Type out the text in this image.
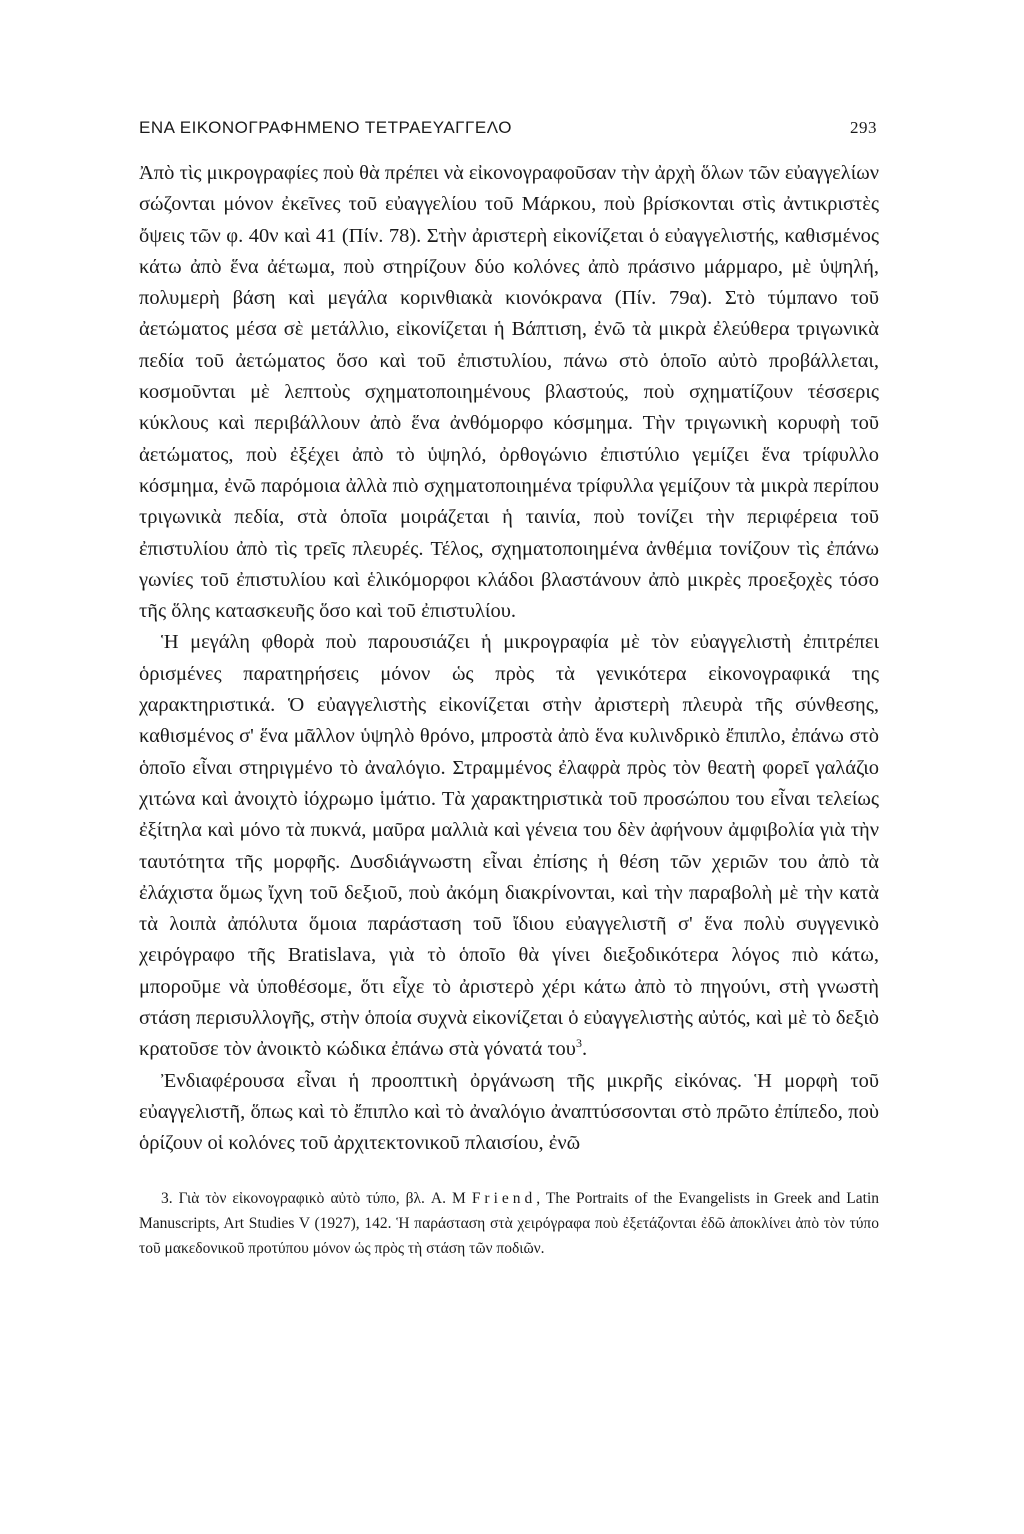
ΕΝΑ ΕΙΚΟΝΟΓΡΑΦΗΜΕΝΟ ΤΕΤΡΑΕΥΑΓΓΕΛΟ	293

Ἀπὸ τὶς μικρογραφίες ποὺ θὰ πρέπει νὰ εἰκονογραφοῦσαν τὴν ἀρχὴ ὅλων τῶν εὐαγγελίων σώζονται μόνον ἐκεῖνες τοῦ εὐαγγελίου τοῦ Μάρκου, ποὺ βρίσκονται στὶς ἀντικριστὲς ὄψεις τῶν φ. 40ν καὶ 41 (Πίν. 78). Στὴν ἀριστερὴ εἰκονίζεται ὁ εὐαγγελιστής, καθισμένος κάτω ἀπὸ ἕνα ἀέτωμα, ποὺ στηρίζουν δύο κολόνες ἀπὸ πράσινο μάρμαρο, μὲ ὑψηλή, πολυμερὴ βάση καὶ μεγάλα κορινθιακὰ κιονόκρανα (Πίν. 79α). Στὸ τύμπανο τοῦ ἀετώματος μέσα σὲ μετάλλιο, εἰκονίζεται ἡ Βάπτιση, ἐνῶ τὰ μικρὰ ἐλεύθερα τριγωνικὰ πεδία τοῦ ἀετώματος ὅσο καὶ τοῦ ἐπιστυλίου, πάνω στὸ ὁποῖο αὐτὸ προβάλλεται, κοσμοῦνται μὲ λεπτοὺς σχηματοποιημένους βλαστούς, ποὺ σχηματίζουν τέσσερις κύκλους καὶ περιβάλλουν ἀπὸ ἕνα ἀνθόμορφο κόσμημα. Τὴν τριγωνικὴ κορυφὴ τοῦ ἀετώματος, ποὺ ἐξέχει ἀπὸ τὸ ὑψηλό, ὀρθογώνιο ἐπιστύλιο γεμίζει ἕνα τρίφυλλο κόσμημα, ἐνῶ παρόμοια ἀλλὰ πιὸ σχηματοποιημένα τρίφυλλα γεμίζουν τὰ μικρὰ περίπου τριγωνικὰ πεδία, στὰ ὁποῖα μοιράζεται ἡ ταινία, ποὺ τονίζει τὴν περιφέρεια τοῦ ἐπιστυλίου ἀπὸ τὶς τρεῖς πλευρές. Τέλος, σχηματοποιημένα ἀνθέμια τονίζουν τὶς ἐπάνω γωνίες τοῦ ἐπιστυλίου καὶ ἑλικόμορφοι κλάδοι βλαστάνουν ἀπὸ μικρὲς προεξοχὲς τόσο τῆς ὅλης κατασκευῆς ὅσο καὶ τοῦ ἐπιστυλίου.

Ἡ μεγάλη φθορὰ ποὺ παρουσιάζει ἡ μικρογραφία μὲ τὸν εὐαγγελιστὴ ἐπιτρέπει ὁρισμένες παρατηρήσεις μόνον ὡς πρὸς τὰ γενικότερα εἰκονογραφικά της χαρακτηριστικά. Ὁ εὐαγγελιστὴς εἰκονίζεται στὴν ἀριστερὴ πλευρὰ τῆς σύνθεσης, καθισμένος σ' ἕνα μᾶλλον ὑψηλὸ θρόνο, μπροστὰ ἀπὸ ἕνα κυλινδρικὸ ἔπιπλο, ἐπάνω στὸ ὁποῖο εἶναι στηριγμένο τὸ ἀναλόγιο. Στραμμένος ἐλαφρὰ πρὸς τὸν θεατὴ φορεῖ γαλάζιο χιτώνα καὶ ἀνοιχτὸ ἰόχρωμο ἱμάτιο. Τὰ χαρακτηριστικὰ τοῦ προσώπου του εἶναι τελείως ἐξίτηλα καὶ μόνο τὰ πυκνά, μαῦρα μαλλιὰ καὶ γένεια του δὲν ἀφήνουν ἀμφιβολία γιὰ τὴν ταυτότητα τῆς μορφῆς. Δυσδιάγνωστη εἶναι ἐπίσης ἡ θέση τῶν χεριῶν του ἀπὸ τὰ ἐλάχιστα ὅμως ἴχνη τοῦ δεξιοῦ, ποὺ ἀκόμη διακρίνονται, καὶ τὴν παραβολὴ μὲ τὴν κατὰ τὰ λοιπὰ ἀπόλυτα ὅμοια παράσταση τοῦ ἴδιου εὐαγγελιστῆ σ' ἕνα πολὺ συγγενικὸ χειρόγραφο τῆς Bratislava, γιὰ τὸ ὁποῖο θὰ γίνει διεξοδικότερα λόγος πιὸ κάτω, μποροῦμε νὰ ὑποθέσομε, ὅτι εἶχε τὸ ἀριστερὸ χέρι κάτω ἀπὸ τὸ πηγούνι, στὴ γνωστὴ στάση περισυλλογῆς, στὴν ὁποία συχνὰ εἰκονίζεται ὁ εὐαγγελιστὴς αὐτός, καὶ μὲ τὸ δεξιὸ κρατοῦσε τὸν ἀνοικτὸ κώδικα ἐπάνω στὰ γόνατά του$^3$.

Ἐνδιαφέρουσα εἶναι ἡ προοπτικὴ ὀργάνωση τῆς μικρῆς εἰκόνας. Ἡ μορφὴ τοῦ εὐαγγελιστῆ, ὅπως καὶ τὸ ἔπιπλο καὶ τὸ ἀναλόγιο ἀναπτύσσονται στὸ πρῶτο ἐπίπεδο, ποὺ ὁρίζουν οἱ κολόνες τοῦ ἀρχιτεκτονικοῦ πλαισίου, ἐνῶ

3. Γιὰ τὸν εἰκονογραφικὸ αὐτὸ τύπο, βλ. A. M Friend, The Portraits of the Evangelists in Greek and Latin Manuscripts, Art Studies V (1927), 142. Ἡ παράσταση στὰ χειρόγραφα ποὺ ἐξετάζονται ἐδῶ ἀποκλίνει ἀπὸ τὸν τύπο τοῦ μακεδονικοῦ προτύπου μόνον ὡς πρὸς τὴ στάση τῶν ποδιῶν.
